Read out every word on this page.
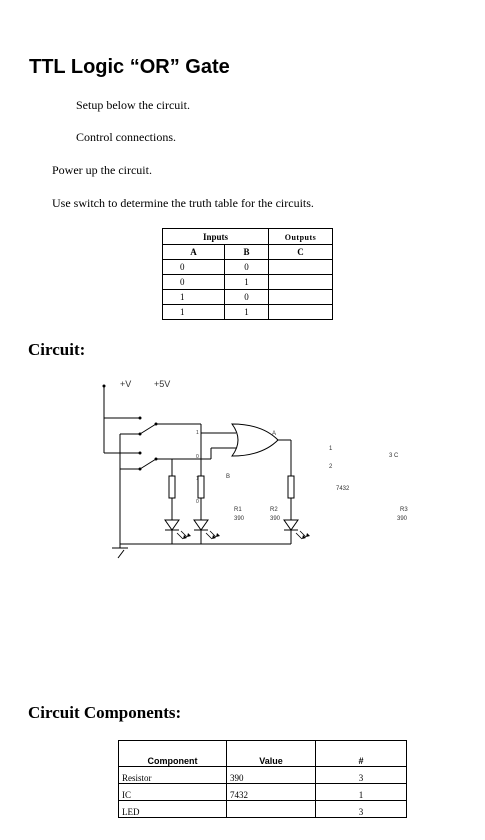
TTL Logic “OR” Gate
Setup below the circuit.
Control connections.
Power up the circuit.
Use switch to determine the truth table for the circuits.
Inputs		Outputs
A	B	C
0	0	
0	1	
1	0	
1	1	
Circuit:
+V	+5V
A
B
1
0
1
0
1
2
3 C
7432
R1
390
R2
390
R3
390
Circuit Components:
Component	Value	#
Resistor	390	3
IC	7432	1
LED		3
